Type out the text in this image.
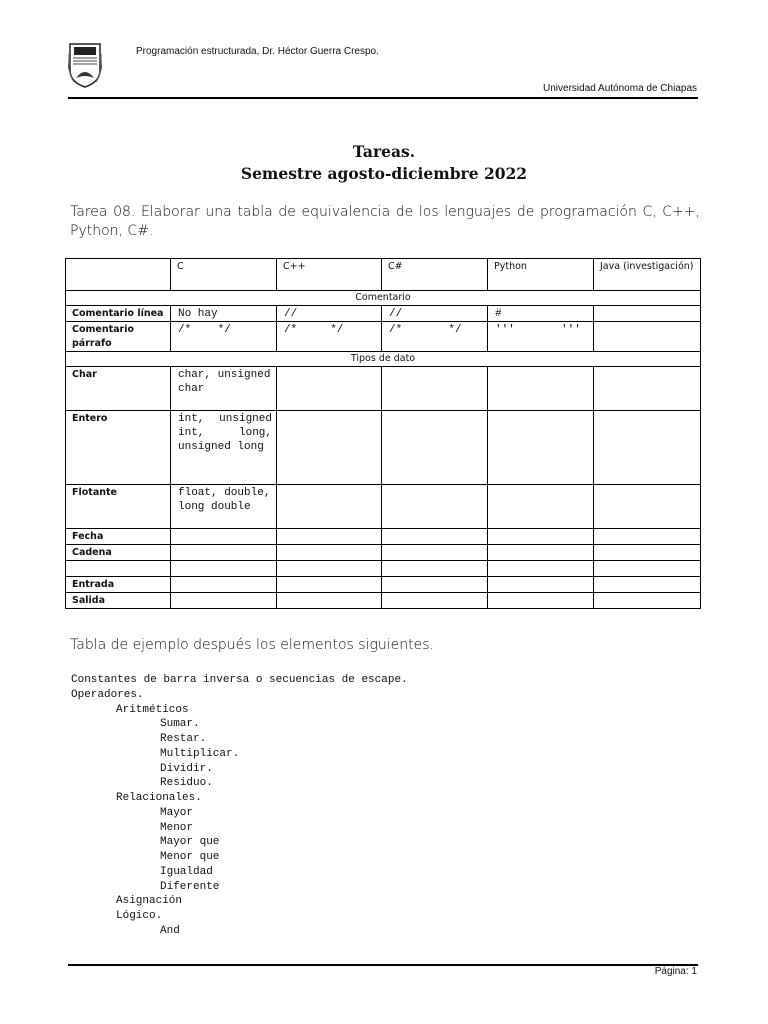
Programación estructurada, Dr. Héctor Guerra Crespo.
Universidad Autónoma de Chiapas
Tareas.
Semestre agosto-diciembre 2022
Tarea 08. Elaborar una tabla de equivalencia de los lenguajes de programación C, C++, Python, C#.
	C	C++	C#	Python	Java (investigación)
Comentario					
Comentario línea	No hay	//	//	#	
Comentario párrafo	/*    */	/*     */	/*       */	'''       '''	
Tipos de dato					
Char	char, unsigned char				
Entero	int, unsigned int,   long, unsigned long				
Flotante	float, double, long double				
Fecha					
Cadena					

Entrada					
Salida					
Tabla de ejemplo después los elementos siguientes.
Constantes de barra inversa o secuencias de escape.
Operadores.
Aritméticos
Sumar.
Restar.
Multiplicar.
Dividir.
Residuo.
Relacionales.
Mayor
Menor
Mayor que
Menor que
Igualdad
Diferente
Asignación
Lógico.
And
Página: 1
